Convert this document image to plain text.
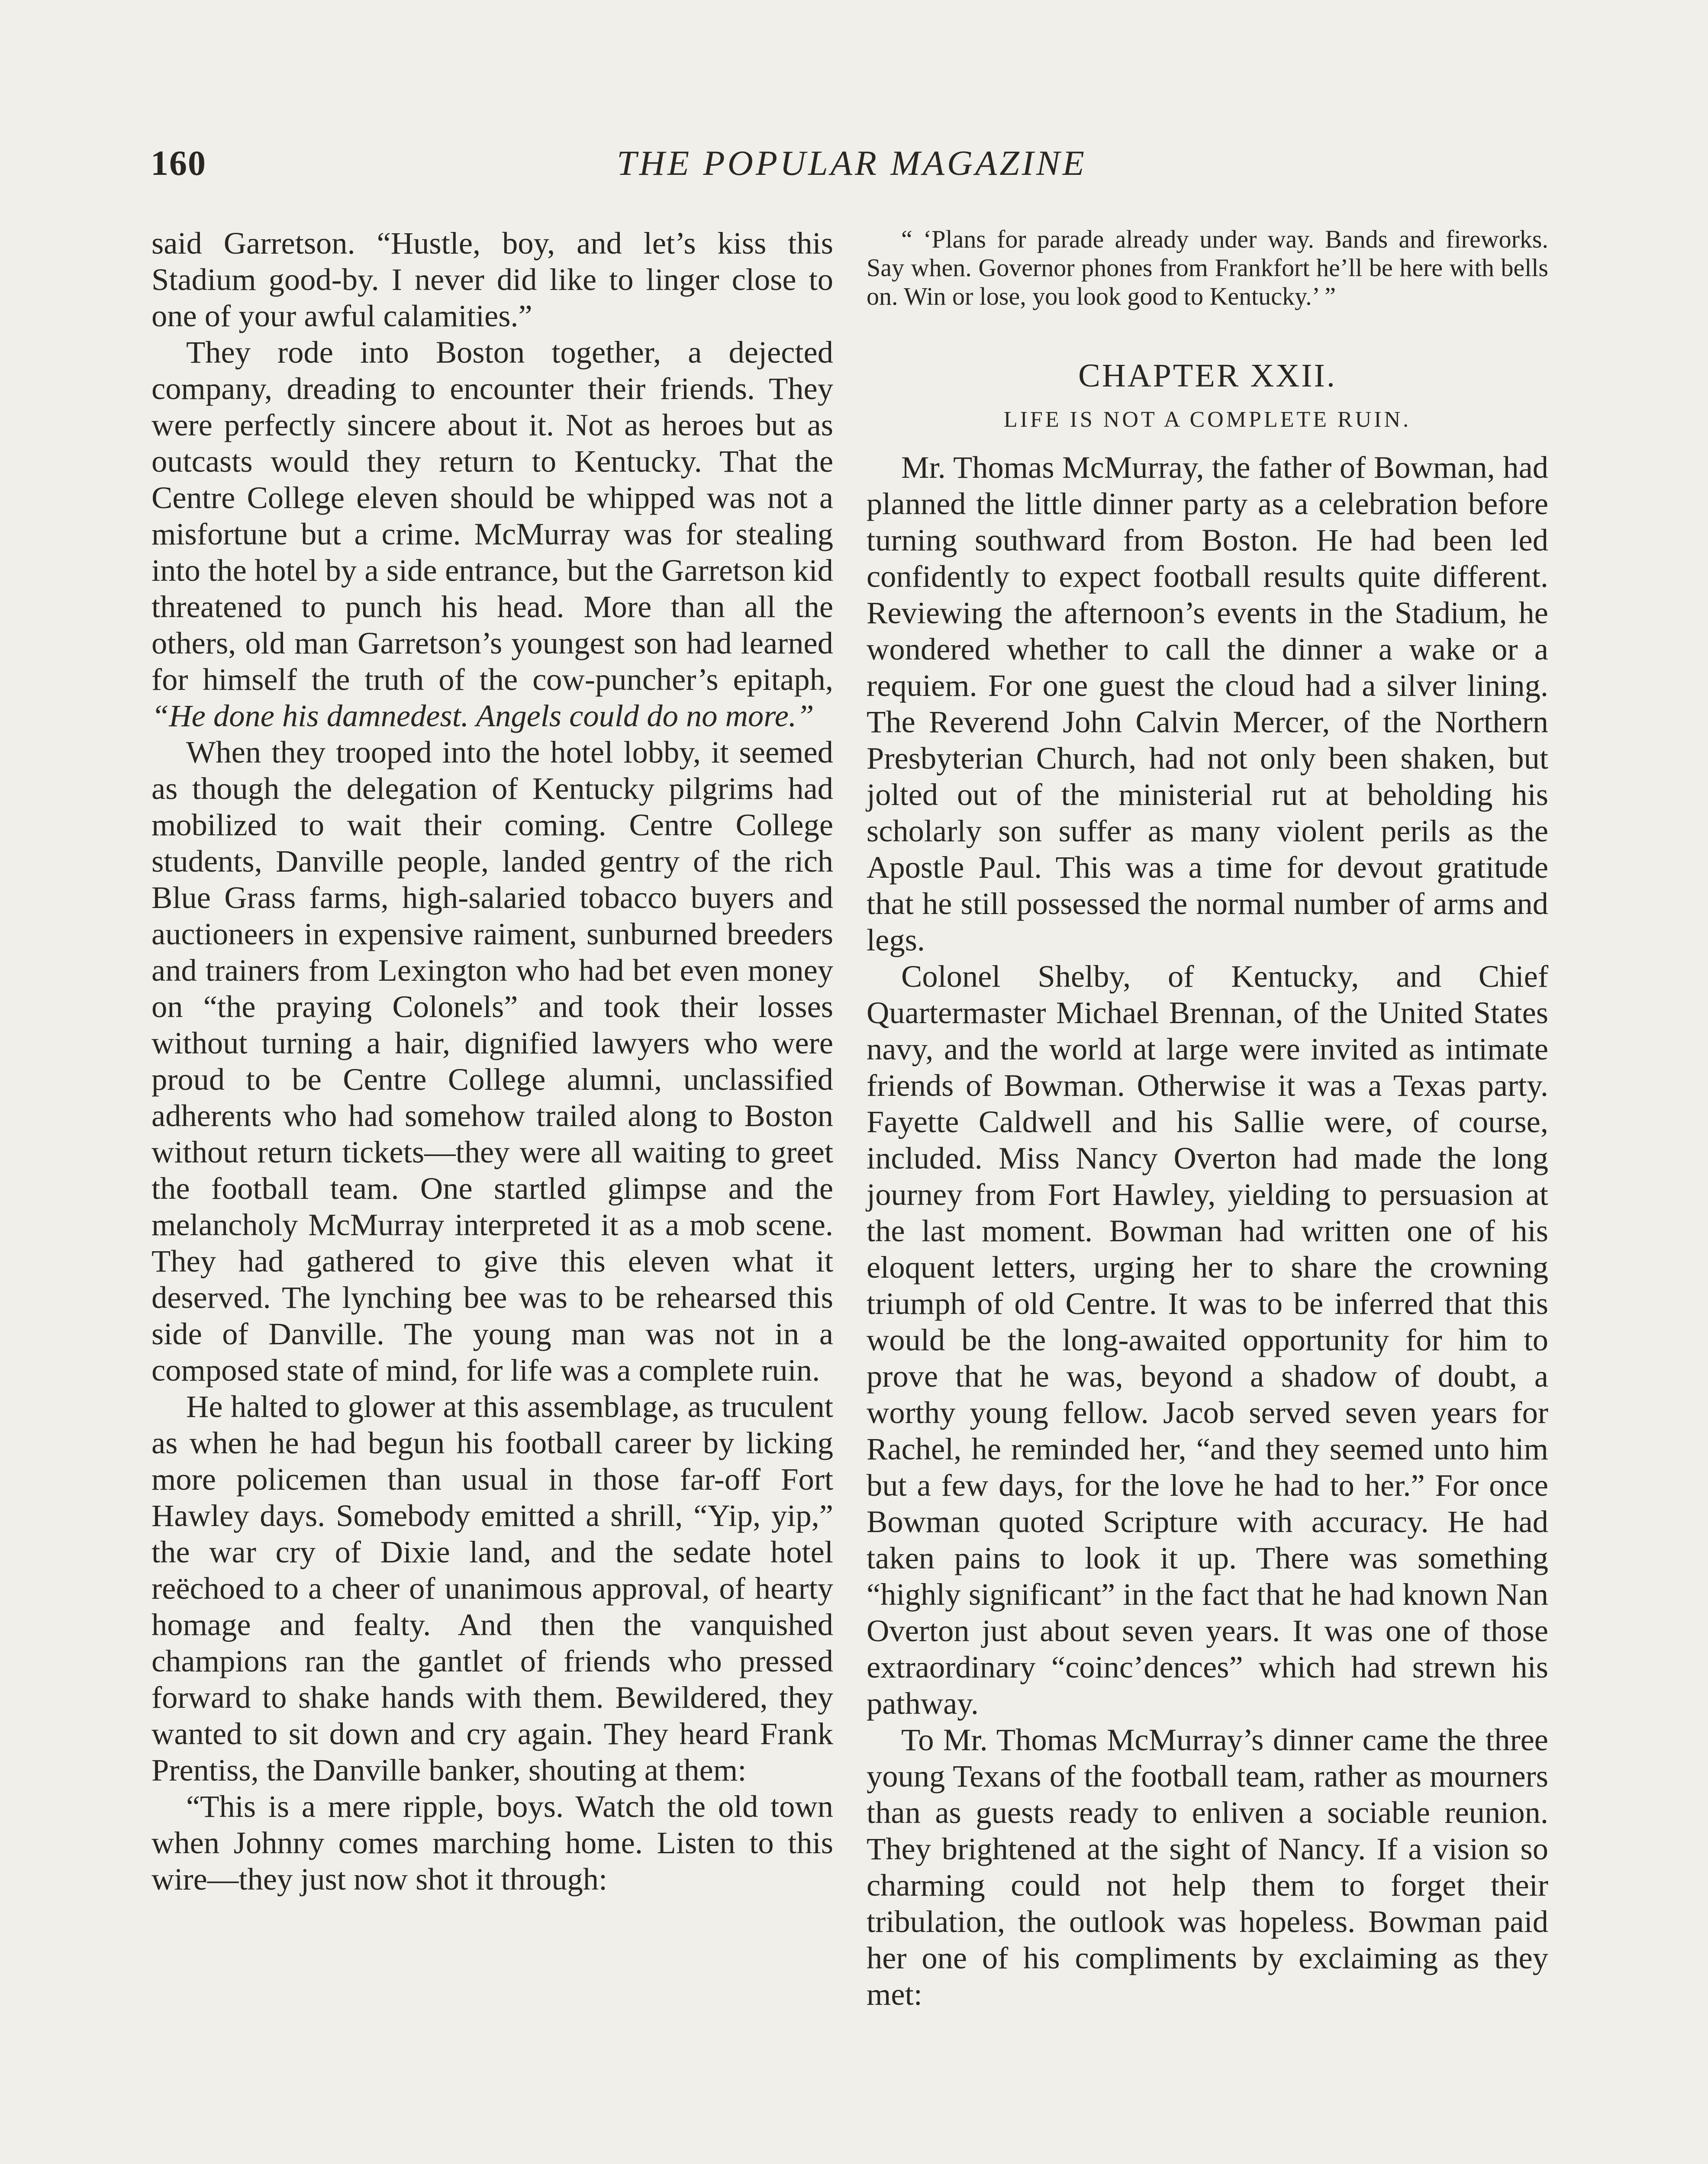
160	THE POPULAR MAGAZINE

said Garretson. “Hustle, boy, and let’s kiss this Stadium good-by. I never did like to linger close to one of your awful calamities.”

They rode into Boston together, a dejected company, dreading to encounter their friends. They were perfectly sincere about it. Not as heroes but as outcasts would they return to Kentucky. That the Centre College eleven should be whipped was not a misfortune but a crime. McMurray was for stealing into the hotel by a side entrance, but the Garretson kid threatened to punch his head. More than all the others, old man Garretson’s youngest son had learned for himself the truth of the cow-puncher’s epitaph, “He done his damnedest. Angels could do no more.”

When they trooped into the hotel lobby, it seemed as though the delegation of Kentucky pilgrims had mobilized to wait their coming. Centre College students, Danville people, landed gentry of the rich Blue Grass farms, high-salaried tobacco buyers and auctioneers in expensive raiment, sunburned breeders and trainers from Lexington who had bet even money on “the praying Colonels” and took their losses without turning a hair, dignified lawyers who were proud to be Centre College alumni, unclassified adherents who had somehow trailed along to Boston without return tickets—they were all waiting to greet the football team. One startled glimpse and the melancholy McMurray interpreted it as a mob scene. They had gathered to give this eleven what it deserved. The lynching bee was to be rehearsed this side of Danville. The young man was not in a composed state of mind, for life was a complete ruin.

He halted to glower at this assemblage, as truculent as when he had begun his football career by licking more policemen than usual in those far-off Fort Hawley days. Somebody emitted a shrill, “Yip, yip,” the war cry of Dixie land, and the sedate hotel reëchoed to a cheer of unanimous approval, of hearty homage and fealty. And then the vanquished champions ran the gantlet of friends who pressed forward to shake hands with them. Bewildered, they wanted to sit down and cry again. They heard Frank Prentiss, the Danville banker, shouting at them:

“This is a mere ripple, boys. Watch the old town when Johnny comes marching home. Listen to this wire—they just now shot it through:

“ ‘Plans for parade already under way. Bands and fireworks. Say when. Governor phones from Frankfort he’ll be here with bells on. Win or lose, you look good to Kentucky.’ ”

CHAPTER XXII.
LIFE IS NOT A COMPLETE RUIN.

Mr. Thomas McMurray, the father of Bowman, had planned the little dinner party as a celebration before turning southward from Boston. He had been led confidently to expect football results quite different. Reviewing the afternoon’s events in the Stadium, he wondered whether to call the dinner a wake or a requiem. For one guest the cloud had a silver lining. The Reverend John Calvin Mercer, of the Northern Presbyterian Church, had not only been shaken, but jolted out of the ministerial rut at beholding his scholarly son suffer as many violent perils as the Apostle Paul. This was a time for devout gratitude that he still possessed the normal number of arms and legs.

Colonel Shelby, of Kentucky, and Chief Quartermaster Michael Brennan, of the United States navy, and the world at large were invited as intimate friends of Bowman. Otherwise it was a Texas party. Fayette Caldwell and his Sallie were, of course, included. Miss Nancy Overton had made the long journey from Fort Hawley, yielding to persuasion at the last moment. Bowman had written one of his eloquent letters, urging her to share the crowning triumph of old Centre. It was to be inferred that this would be the long-awaited opportunity for him to prove that he was, beyond a shadow of doubt, a worthy young fellow. Jacob served seven years for Rachel, he reminded her, “and they seemed unto him but a few days, for the love he had to her.” For once Bowman quoted Scripture with accuracy. He had taken pains to look it up. There was something “highly significant” in the fact that he had known Nan Overton just about seven years. It was one of those extraordinary “coinc’dences” which had strewn his pathway.

To Mr. Thomas McMurray’s dinner came the three young Texans of the football team, rather as mourners than as guests ready to enliven a sociable reunion. They brightened at the sight of Nancy. If a vision so charming could not help them to forget their tribulation, the outlook was hopeless. Bowman paid her one of his compliments by exclaiming as they met:
